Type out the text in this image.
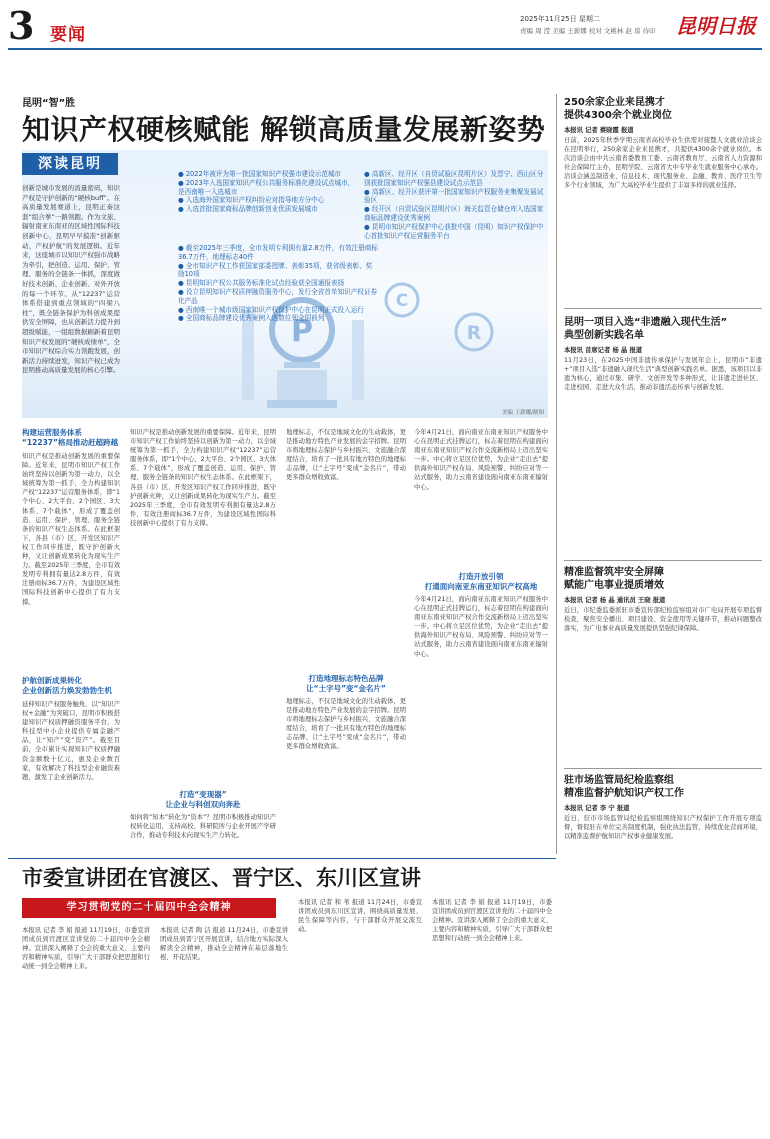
3 要闻
2025年11月25日 星期二
责编 周 滢 美编 王薪娜 校对 文桃林 赵 琼 待印 昆明日报
昆明“智”胜
知识产权硬核赋能 解锁高质量发展新姿势
P
C
R
美编 王薪娜/制图
深读昆明
创新是城市发展的流量密码，知识产权是守护创新的“硬核buff”。在高质量发展赛道上，昆明正奏这套“组合拳”一路领跑。作为文旅、辐射南亚东南亚的区域性国际科技创新中心，昆明早早摸准“创新驱动、产权护航”的发展逻辑。近年来，这座城市以知识产权强市战略为牵引，把创造、运用、保护、管理、服务的全链条一体抓，深度做好技术创新、企业创新、对外开放的每一个环节。从“12237”运营体系搭建到重点领域的“四梁八柱”，既全链条保护为科创成果提供安全屏障，也从创新活力提升到超级赋能，一组组数据刷新着昆明知识产权发展的“硬核成绩单”，全市知识产权综合实力领跑发展，创新活力持续迸发，知识产权已成为昆明推动高质量发展的核心引擎。
● 2022年被评为第一批国家知识产权强市建设示范城市
● 2023年入选国家知识产权公共服务标准化建设试点城市，是西南唯一入选城市
● 入选海外国家知识产权纠纷应对指导地方分中心
● 入选首批国家商标品牌创新创业优质发展城市
● 高新区、经开区（自贸试验区昆明片区）及晋宁、西山区分别获批国家知识产权强县建设试点示范县
● 高新区、经开区获评第一批国家知识产权服务业集聚发展试验区
● 经开区（自贸试验区昆明片区）海关监管仓储仓库入选国家商标品牌建设优秀案例
● 昆明市知识产权保护中心获批中国（昆明）知识产权保护中心首批知识产权运营服务平台
● 截至2025年三季度，全市发明专利拥有量2.8万件，有效注册商标36.7万件，地理标志40件
● 全市知识产权工作获国家部委授牌、表彰35项，获省级表彰、奖励10项
● 昆明知识产权公共服务标准化试点经验获全国通报表扬
● 设立昆明知识产权质押融资服务中心，发行全省首单知识产权证券化产品
● 西南唯一个城市级国家知识产权保护中心在昆明正式投入运行
● 全国商标品牌建设优秀案例入选数位列全国前列
构建运营服务体系
“12237”格局推动赶超跨越
知识产权是推动创新发展的重要保障。近年来，昆明市知识产权工作始终坚持以创新为第一动力，以全域统筹为第一抓手，全力构建知识产权“12237”运营服务体系，即“1个中心、2大平台、2个园区、3大体系、7个载体”，形成了覆盖创造、运用、保护、管理、服务全链条的知识产权生态体系。在此框架下，各县（市）区、开发区知识产权工作同步推进，既守护创新火种，又让创新成果转化为现实生产力。截至2025年三季度，全市有效发明专利拥有量达2.8万件，有效注册商标36.7万件，为建设区域性国际科技创新中心提供了有力支撑。
护航创新成果转化
企业创新活力焕发勃勃生机
延伸知识产权服务触角，以“知识产权+金融”为突破口，昆明市积极搭建知识产权质押融资服务平台，为科技型中小企业提供专属金融产品，让“知产”变“资产”。截至目前，全市累计实现知识产权质押融资金额数十亿元，惠及企业数百家，有效解决了科技型企业融资难题，激发了企业创新活力。
知识产权是推动创新发展的重要保障。近年来，昆明市知识产权工作始终坚持以创新为第一动力，以全域统筹为第一抓手，全力构建知识产权“12237”运营服务体系，即“1个中心、2大平台、2个园区、3大体系、7个载体”，形成了覆盖创造、运用、保护、管理、服务全链条的知识产权生态体系。在此框架下，各县（市）区、开发区知识产权工作同步推进，既守护创新火种，又让创新成果转化为现实生产力。截至2025年三季度，全市有效发明专利拥有量达2.8万件，有效注册商标36.7万件，为建设区域性国际科技创新中心提供了有力支撑。
打造“变现器”
让企业与科创双向奔赴
如何将“知本”转化为“资本”？昆明市积极推动知识产权转化运用，支持高校、科研院所与企业开展产学研合作，推动专利技术向现实生产力转化。
地理标志，不仅是地域文化的生动载体，更是推动地方特色产业发展的金字招牌。昆明市将地理标志保护与乡村振兴、文旅融合深度结合，培育了一批具有地方特色的地理标志品牌，让“土字号”变成“金名片”，带动更多群众增收致富。
打造地理标志特色品牌
让“土字号”变“金名片”
地理标志，不仅是地域文化的生动载体，更是推动地方特色产业发展的金字招牌。昆明市将地理标志保护与乡村振兴、文旅融合深度结合，培育了一批具有地方特色的地理标志品牌，让“土字号”变成“金名片”，带动更多群众增收致富。
今年4月21日，面向南亚东南亚知识产权服务中心在昆明正式挂牌运行，标志着昆明在构建面向南亚东南亚知识产权合作交流新格局上迈出坚实一步。中心将立足区位优势，为企业“走出去”提供海外知识产权布局、风险预警、纠纷应对等一站式服务，助力云南省建设面向南亚东南亚辐射中心。
打造开放引领
打通面向南亚东南亚知识产权高地
今年4月21日，面向南亚东南亚知识产权服务中心在昆明正式挂牌运行，标志着昆明在构建面向南亚东南亚知识产权合作交流新格局上迈出坚实一步。中心将立足区位优势，为企业“走出去”提供海外知识产权布局、风险预警、纠纷应对等一站式服务，助力云南省建设面向南亚东南亚辐射中心。
250余家企业来昆携才
提供4300余个就业岗位
本报讯 记者 蔡晓霞 报道
日前，2025年秋季学期云南省高校毕业生供需对接暨人文就业洽谈会在昆明举行，250余家企业来昆携才，共提供4300余个就业岗位。本次洽谈会由中共云南省委教育工委、云南省教育厅、云南省人力资源和社会保障厅主办，昆明学院、云南省大中专毕业生就业服务中心承办。洽谈会涵盖制造业、信息技术、现代服务业、金融、教育、医疗卫生等多个行业领域，为广大高校毕业生提供了丰富多样的就业选择。
昆明一项目入选“非遗融入现代生活”
典型创新实践名单
本报讯 首席记者 杨 晶 报道
11月23日，在2025中国非遗传承保护与发展年会上，昆明市“非遗+”项目入选“非遗融入现代生活”典型创新实践名单。据悉，该项目以非遗为核心，通过市集、研学、文创开发等多种形式，让非遗走进社区、走进校园、走进大众生活，推动非遗活态传承与创新发展。
精准监督筑牢安全屏障
赋能广电事业提质增效
本报讯 记者 杨 晶 通讯员 王晓 报道
近日，市纪委监委派驻市委宣传部纪检监察组对市广电局开展专项监督检查，聚焦安全播出、项目建设、资金使用等关键环节，推动问题整改落实，为广电事业高质量发展提供坚强纪律保障。
驻市场监管局纪检监察组
精准监督护航知识产权工作
本报讯 记者 李 宁 报道
近日，驻市市场监管局纪检监察组围绕知识产权保护工作开展专项监督，督促驻在单位完善制度机制，强化执法监管，持续优化营商环境，以精准监督护航知识产权事业健康发展。
市委宣讲团在官渡区、晋宁区、东川区宣讲
学习贯彻党的二十届四中全会精神
本报讯 记者 李 娟 报道 11月19日，市委宣讲团成员到官渡区宣讲党的二十届四中全会精神。宣讲深入阐释了全会的重大意义、主要内容和精神实质，引导广大干部群众把思想和行动统一到全会精神上来。
本报讯 记者 陶 洁 报道 11月24日，市委宣讲团成员到晋宁区开展宣讲，结合地方实际深入解读全会精神，推动全会精神在基层落地生根、开花结果。
本报讯 记者 和 苇 报道 11月24日，市委宣讲团成员到东川区宣讲，围绕高质量发展、民生保障等内容，与干部群众开展交流互动。
本报讯 记者 李 娟 报道 11月19日，市委宣讲团成员到官渡区宣讲党的二十届四中全会精神。宣讲深入阐释了全会的重大意义、主要内容和精神实质，引导广大干部群众把思想和行动统一到全会精神上来。
